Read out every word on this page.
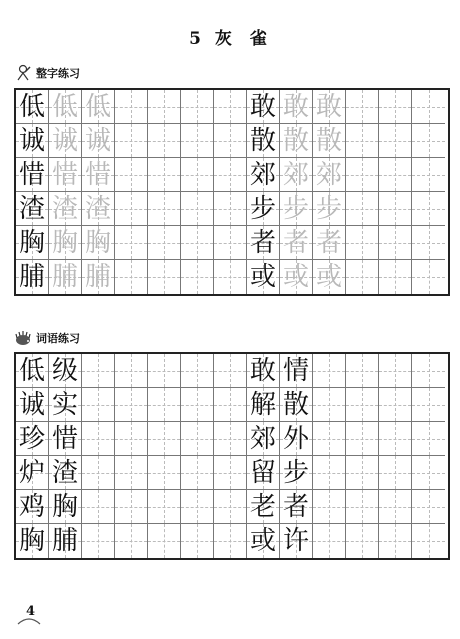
5 灰 雀
整字练习
词语练习
低 低 低	敢 敢 敢
诚 诚 诚	散 散 散
惜 惜 惜	郊 郊 郊
渣 渣 渣	步 步 步
胸 胸 胸	者 者 者
脯 脯 脯	或 或 或
低 级	敢 情
诚 实	解 散
珍 惜	郊 外
炉 渣	留 步
鸡 胸	老 者
胸 脯	或 许
4
